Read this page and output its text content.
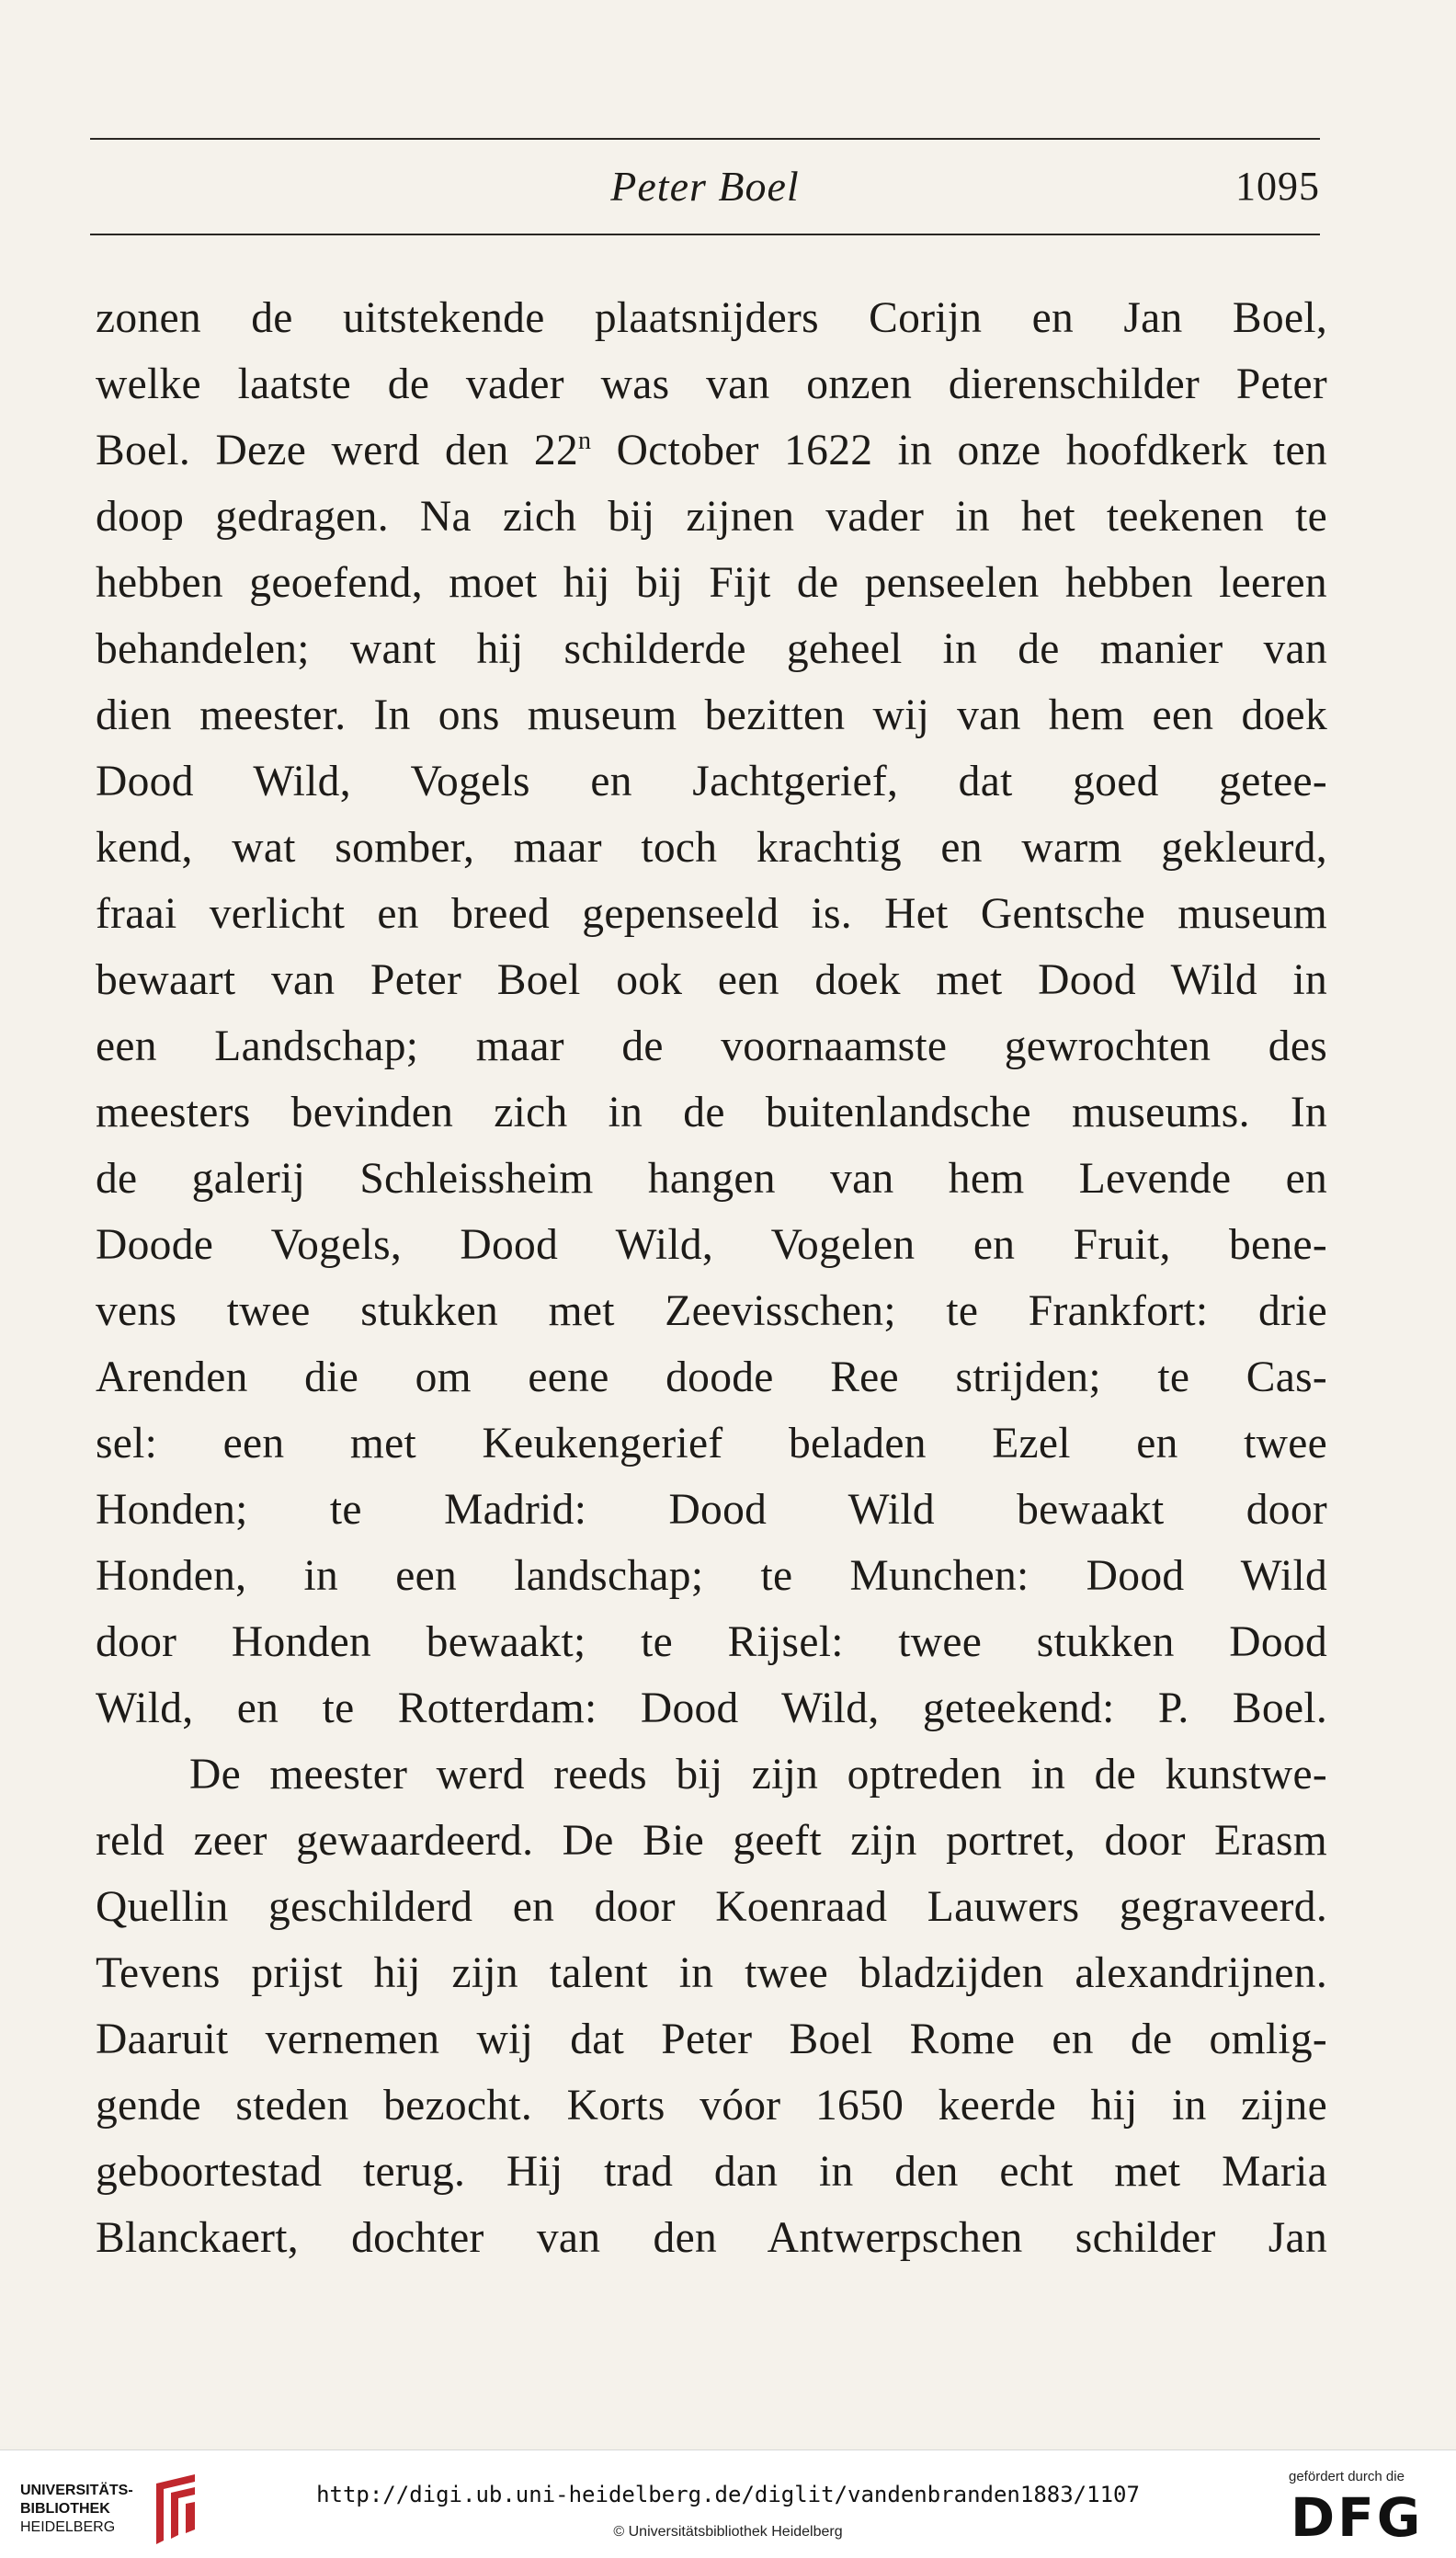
Peter Boel	1095
zonen de uitstekende plaatsnijders Corijn en Jan Boel,
welke laatste de vader was van onzen dierenschilder Peter
Boel. Deze werd den 22$^n$ October 1622 in onze hoofdkerk ten
doop gedragen. Na zich bij zijnen vader in het teekenen te
hebben geoefend, moet hij bij Fijt de penseelen hebben leeren
behandelen; want hij schilderde geheel in de manier van
dien meester. In ons museum bezitten wij van hem een doek
Dood Wild, Vogels en Jachtgerief, dat goed geteе-
kend, wat somber, maar toch krachtig en warm gekleurd,
fraai verlicht en breed gepenseeld is. Het Gentsche museum
bewaart van Peter Boel ook een doek met Dood Wild in
een Landschap; maar de voornaamste gewrochten des
meesters bevinden zich in de buitenlandsche museums. In
de galerij Schleissheim hangen van hem Levende en
Doode Vogels, Dood Wild, Vogelen en Fruit, bene-
vens twee stukken met Zeevisschen; te Frankfort: drie
Arenden die om eene doode Ree strijden; te Cas-
sel: een met Keukengerief beladen Ezel en twee
Honden; te Madrid: Dood Wild bewaakt door
Honden, in een landschap; te Munchen: Dood Wild
door Honden bewaakt; te Rijsel: twee stukken Dood
Wild, en te Rotterdam: Dood Wild, geteekend: P. Boel.
De meester werd reeds bij zijn optreden in de kunstwe-
reld zeer gewaardeerd. De Bie geeft zijn portret, door Erasm
Quellin geschilderd en door Koenraad Lauwers gegraveerd.
Tevens prijst hij zijn talent in twee bladzijden alexandrijnen.
Daaruit vernemen wij dat Peter Boel Rome en de omlig-
gende steden bezocht. Korts vóor 1650 keerde hij in zijne
geboortestad terug. Hij trad dan in den echt met Maria
Blanckaert, dochter van den Antwerpschen schilder Jan
UNIVERSITÄTS-
BIBLIOTHEK
HEIDELBERG
http://digi.ub.uni-heidelberg.de/diglit/vandenbranden1883/1107
© Universitätsbibliothek Heidelberg
gefördert durch die
DFG
